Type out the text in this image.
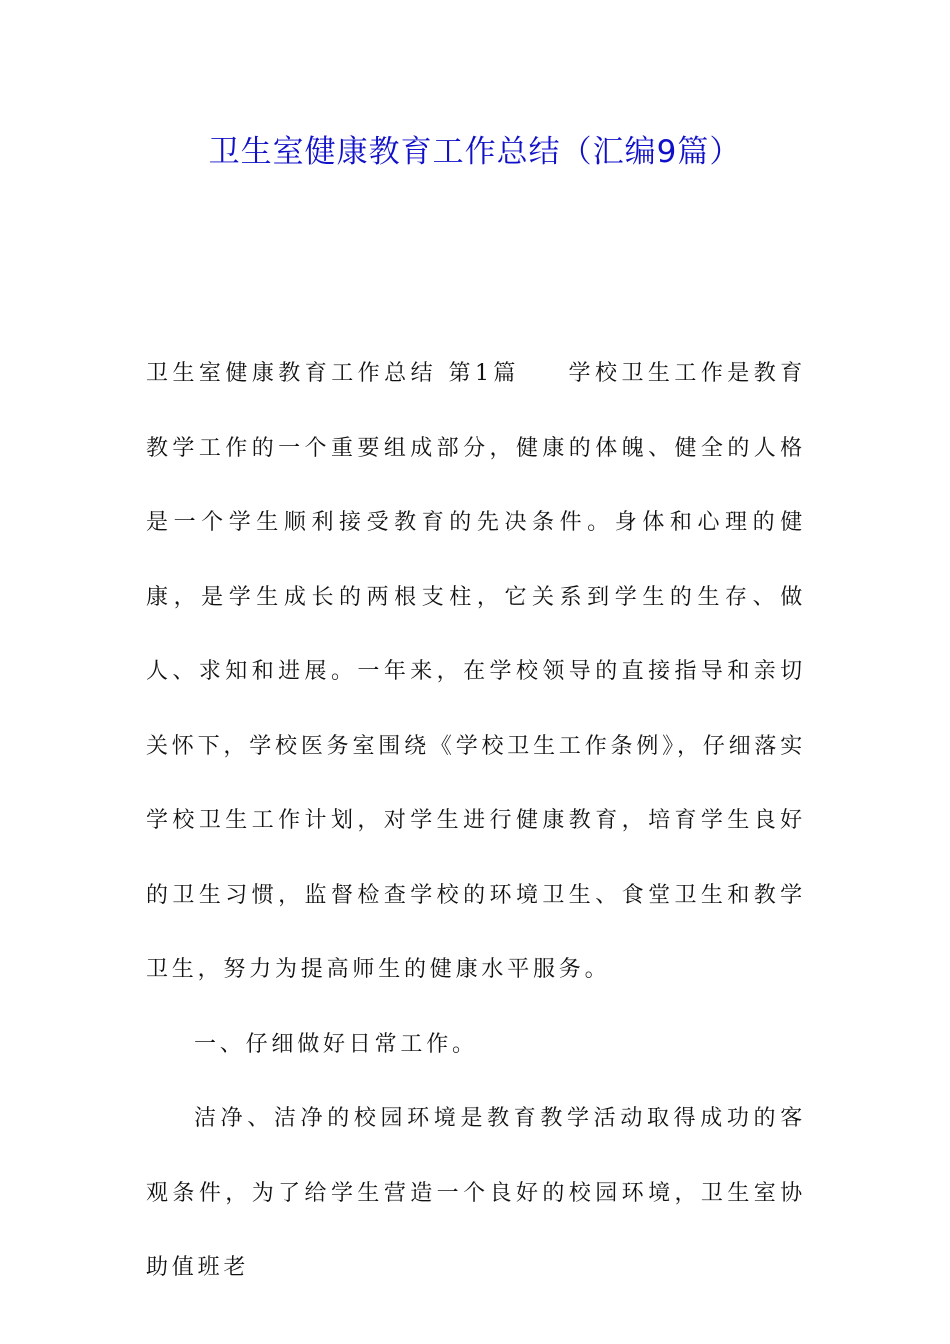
卫生室健康教育工作总结（汇编9篇）

卫生室健康教育工作总结 第1篇 学校卫生工作是教育教学工作的一个重要组成部分，健康的体魄、健全的人格是一个学生顺利接受教育的先决条件。身体和心理的健康，是学生成长的两根支柱，它关系到学生的生存、做人、求知和进展。一年来，在学校领导的直接指导和亲切关怀下，学校医务室围绕《学校卫生工作条例》，仔细落实学校卫生工作计划，对学生进行健康教育，培育学生良好的卫生习惯，监督检查学校的环境卫生、食堂卫生和教学卫生，努力为提高师生的健康水平服务。

一、仔细做好日常工作。

洁净、洁净的校园环境是教育教学活动取得成功的客观条件，为了给学生营造一个良好的校园环境，卫生室协助值班老
